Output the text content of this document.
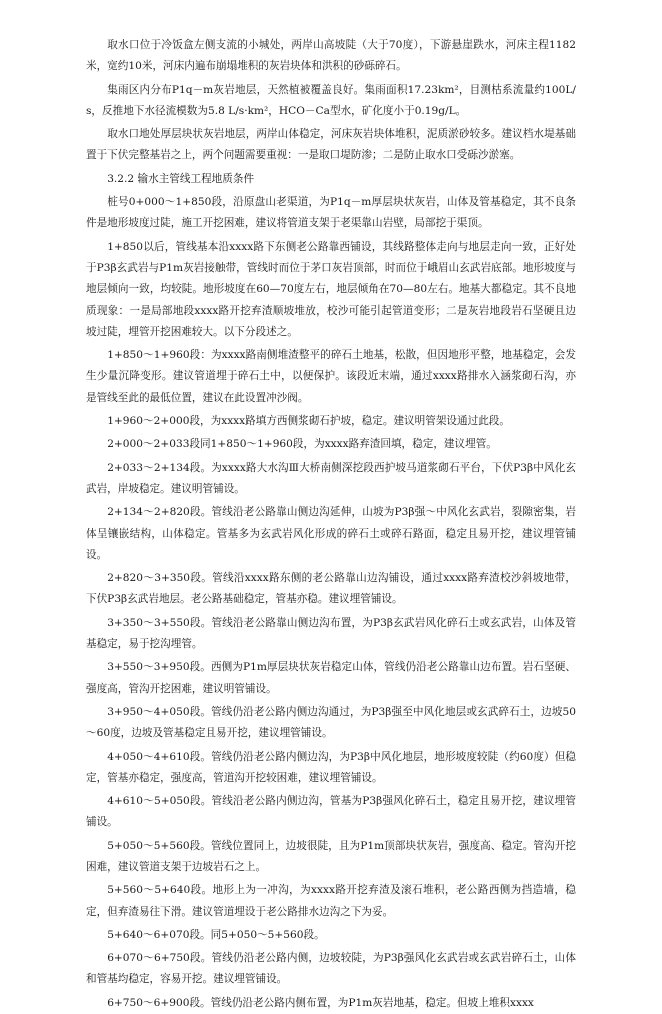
取水口位于冷饭盒左侧支流的小城处，两岸山高坡陡（大于70度），下游悬崖跌水，河床主程1182米，宽约10米，河床内遍布崩塌堆积的灰岩块体和洪积的砂砾碎石。

集雨区内分布P1q－m灰岩地层，天然植被覆盖良好。集雨面积17.23km²，目测枯系流量约100L/s，反推地下水径流模数为5.8 L/s·km²，HCO－Ca型水，矿化度小于0.19g/L。

取水口地处厚层块状灰岩地层，两岸山体稳定，河床灰岩块体堆积，泥质淤砂较多。建议档水堤基础置于下伏完整基岩之上，两个问题需要重视：一是取口堤防渗；二是防止取水口受砾沙淤塞。

3.2.2 输水主管线工程地质条件

桩号0+000～1+850段，沿原盘山老渠道，为P1q－m厚层块状灰岩，山体及管基稳定，其不良条件是地形坡度过陡，施工开挖困难，建议将管道支架于老渠靠山岩壁，局部挖于渠顶。

1+850以后，管线基本沿xxxx路下东侧老公路靠西铺设，其线路整体走向与地层走向一致，正好处于P3β玄武岩与P1m灰岩接触带，管线时而位于茅口灰岩顶部，时而位于峨眉山玄武岩底部。地形坡度与地层倾向一致，均较陡。地形坡度在60—70度左右，地层倾角在70—80左右。地基大都稳定。其不良地质现象：一是局部地段xxxx路开挖弃渣顺坡堆放，校沙可能引起管道变形；二是灰岩地段岩石坚硬且边坡过陡，埋管开挖困难较大。以下分段述之。

1+850～1+960段：为xxxx路南侧堆渣整平的碎石土地基，松散，但因地形平整，地基稳定，会发生少量沉降变形。建议管道埋于碎石土中，以便保护。该段近末端，通过xxxx路排水入涵浆砌石沟，亦是管线至此的最低位置，建议在此设置冲沙阀。

1+960～2+000段，为xxxx路填方西侧浆砌石护坡，稳定。建议明管架设通过此段。

2+000～2+033段同1+850～1+960段，为xxxx路弃渣回填，稳定，建议埋管。

2+033～2+134段。为xxxx路大水沟Ⅲ大桥南侧深挖段西护坡马道浆砌石平台，下伏P3β中风化玄武岩，岸坡稳定。建议明管铺设。

2+134～2+820段。管线沿老公路靠山侧边沟延伸，山坡为P3β强～中风化玄武岩，裂隙密集，岩体呈镶嵌结构，山体稳定。管基多为玄武岩风化形成的碎石土或碎石路面，稳定且易开挖，建议埋管铺设。

2+820～3+350段。管线沿xxxx路东侧的老公路靠山边沟铺设，通过xxxx路弃渣校沙斜坡地带，下伏P3β玄武岩地层。老公路基础稳定，管基亦稳。建议埋管铺设。

3+350～3+550段。管线沿老公路靠山侧边沟布置，为P3β玄武岩风化碎石土或玄武岩，山体及管基稳定，易于挖沟埋管。

3+550～3+950段。西侧为P1m厚层块状灰岩稳定山体，管线仍沿老公路靠山边布置。岩石坚硬、强度高，管沟开挖困难，建议明管铺设。

3+950～4+050段。管线仍沿老公路内侧边沟通过，为P3β强至中风化地层或玄武碎石土，边坡50～60度，边坡及管基稳定且易开挖，建议埋管铺设。

4+050～4+610段。管线仍沿老公路内侧边沟，为P3β中风化地层，地形坡度较陡（约60度）但稳定，管基亦稳定，强度高，管道沟开挖较困难，建议埋管铺设。

4+610～5+050段。管线沿老公路内侧边沟，管基为P3β强风化碎石土，稳定且易开挖，建议埋管铺设。

5+050～5+560段。管线位置同上，边坡很陡，且为P1m顶部块状灰岩，强度高、稳定。管沟开挖困难，建议管道支架于边坡岩石之上。

5+560～5+640段。地形上为一冲沟，为xxxx路开挖弃渣及滚石堆积，老公路西侧为挡造墙，稳定，但弃渣易往下滑。建议管道埋设于老公路排水边沟之下为妥。

5+640～6+070段。同5+050～5+560段。

6+070～6+750段。管线仍沿老公路内侧，边坡较陡，为P3β强风化玄武岩或玄武岩碎石土，山体和管基均稳定，容易开挖。建议埋管铺设。

6+750～6+900段。管线仍沿老公路内侧布置，为P1m灰岩地基，稳定。但坡上堆积xxxx
